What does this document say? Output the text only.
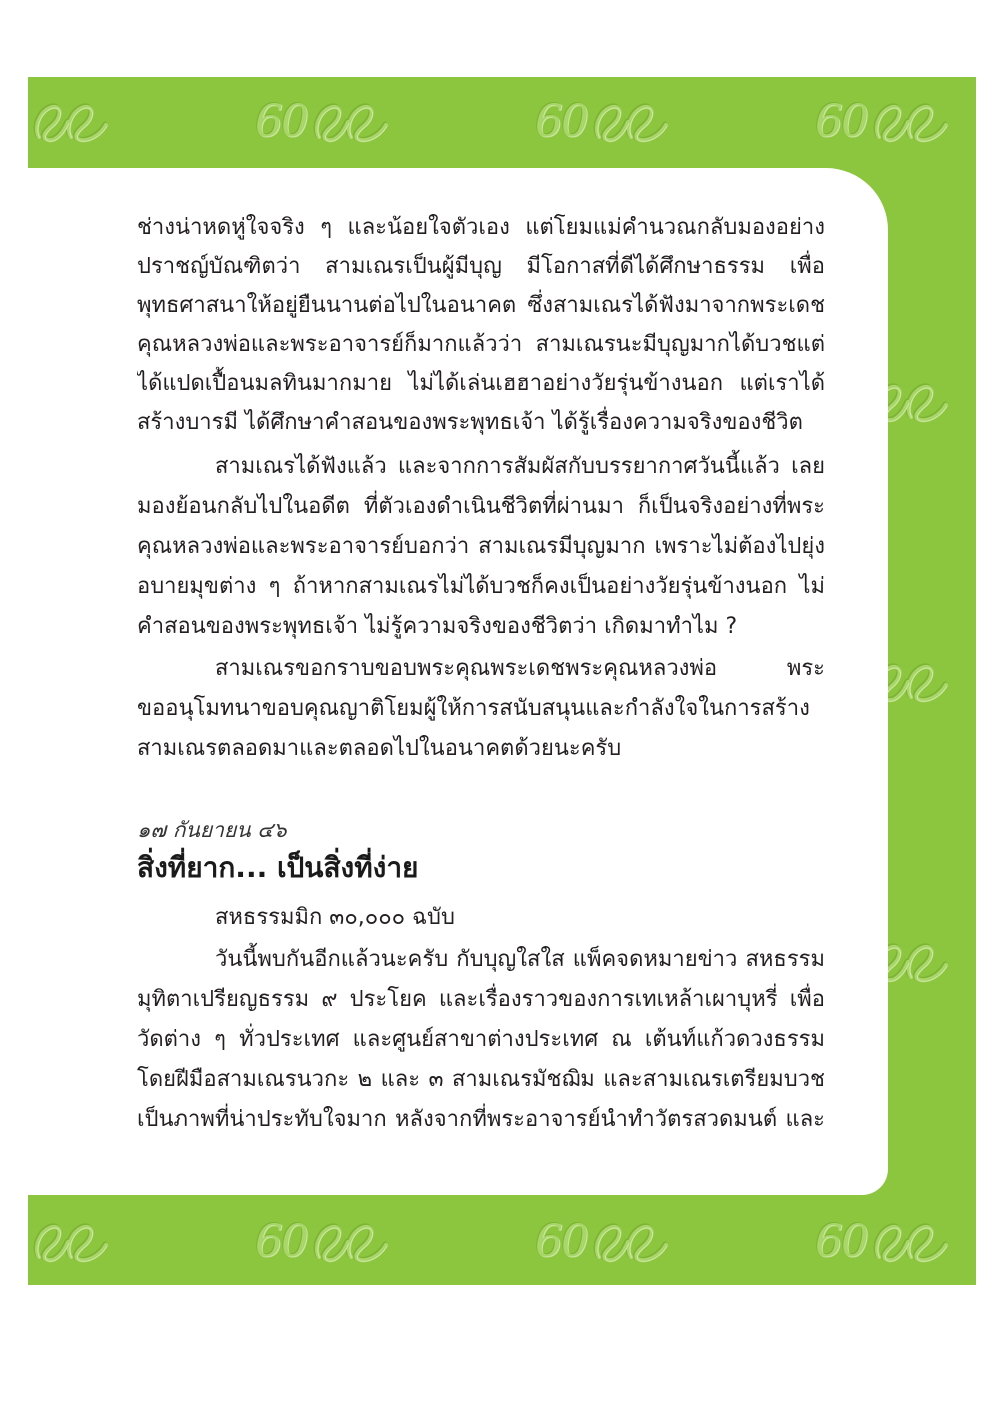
60	60	60
60	60	60
ช่างน่าหดหู่ใจจริง ๆ และน้อยใจตัวเอง แต่โยมแม่คำนวณกลับมองอย่าง
ปราชญ์บัณฑิตว่า สามเณรเป็นผู้มีบุญ มีโอกาสที่ดีได้ศึกษาธรรม เพื่อ
พุทธศาสนาให้อยู่ยืนนานต่อไปในอนาคต ซึ่งสามเณรได้ฟังมาจากพระเดช
คุณหลวงพ่อและพระอาจารย์ก็มากแล้วว่า สามเณรนะมีบุญมากได้บวชแต่
ได้แปดเปื้อนมลทินมากมาย ไม่ได้เล่นเฮฮาอย่างวัยรุ่นข้างนอก แต่เราได้
สร้างบารมี ได้ศึกษาคำสอนของพระพุทธเจ้า ได้รู้เรื่องความจริงของชีวิต
สามเณรได้ฟังแล้ว และจากการสัมผัสกับบรรยากาศวันนี้แล้ว เลย
มองย้อนกลับไปในอดีต ที่ตัวเองดำเนินชีวิตที่ผ่านมา ก็เป็นจริงอย่างที่พระ
คุณหลวงพ่อและพระอาจารย์บอกว่า สามเณรมีบุญมาก เพราะไม่ต้องไปยุ่ง
อบายมุขต่าง ๆ ถ้าหากสามเณรไม่ได้บวชก็คงเป็นอย่างวัยรุ่นข้างนอก ไม่
คำสอนของพระพุทธเจ้า ไม่รู้ความจริงของชีวิตว่า เกิดมาทำไม ?
สามเณรขอกราบขอบพระคุณพระเดชพระคุณหลวงพ่อ พระ
ขออนุโมทนาขอบคุณญาติโยมผู้ให้การสนับสนุนและกำลังใจในการสร้าง
สามเณรตลอดมาและตลอดไปในอนาคตด้วยนะครับ
๑๗ กันยายน ๔๖
สิ่งที่ยาก... เป็นสิ่งที่ง่าย
สหธรรมมิก ๓๐,๐๐๐ ฉบับ
วันนี้พบกันอีกแล้วนะครับ กับบุญใสใส แพ็คจดหมายข่าว สหธรรม
มุทิตาเปรียญธรรม ๙ ประโยค และเรื่องราวของการเทเหล้าเผาบุหรี่ เพื่อ
วัดต่าง ๆ ทั่วประเทศ และศูนย์สาขาต่างประเทศ ณ เต้นท์แก้วดวงธรรม
โดยฝีมือสามเณรนวกะ ๒ และ ๓ สามเณรมัชฌิม และสามเณรเตรียมบวช
เป็นภาพที่น่าประทับใจมาก หลังจากที่พระอาจารย์นำทำวัตรสวดมนต์ และ
